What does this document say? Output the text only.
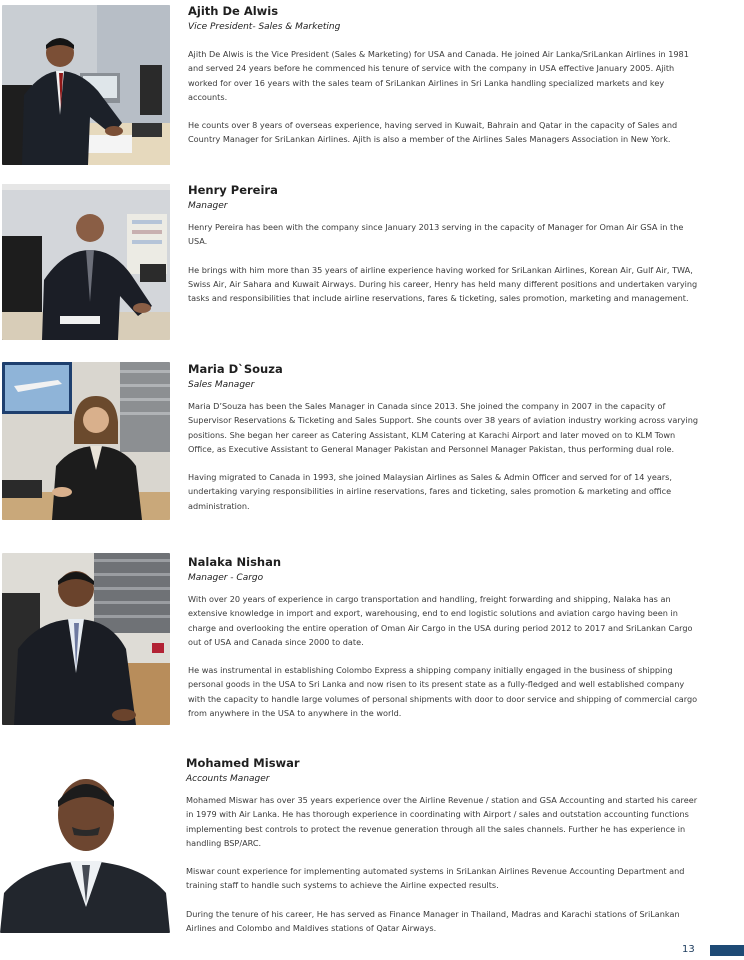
Ajith De Alwis

Vice President- Sales & Marketing

Ajith De Alwis is the Vice President (Sales & Marketing) for USA and Canada. He joined Air Lanka/SriLankan Airlines in 1981 and served 24 years before he commenced his tenure of service with the company in USA effective January 2005. Ajith worked for over 16 years with the sales team of SriLankan Airlines in Sri Lanka handling specialized markets and key accounts.

He counts over 8 years of overseas experience, having served in Kuwait, Bahrain and Qatar in the capacity of Sales and Country Manager for SriLankan Airlines. Ajith is also a member of the Airlines Sales Managers Association in New York.

Henry Pereira

Manager

Henry Pereira has been with the company since January 2013 serving in the capacity of Manager for Oman Air GSA in the USA.

He brings with him more than 35 years of airline experience having worked for SriLankan Airlines, Korean Air, Gulf Air, TWA, Swiss Air, Air Sahara and Kuwait Airways. During his career, Henry has held many different positions and undertaken varying tasks and responsibilities that include airline reservations, fares & ticketing, sales promotion, marketing and management.

Maria D`Souza

Sales Manager

Maria D’Souza has been the Sales Manager in Canada since 2013. She joined the company in 2007 in the capacity of Supervisor Reservations & Ticketing and Sales Support. She counts over 38 years of aviation industry working across varying positions. She began her career as Catering Assistant, KLM Catering at Karachi Airport and later moved on to KLM Town Office, as Executive Assistant to General Manager Pakistan and Personnel Manager Pakistan, thus performing dual role.

Having migrated to Canada in 1993, she joined Malaysian Airlines as Sales & Admin Officer and served for of 14 years, undertaking varying responsibilities in airline reservations, fares and ticketing, sales promotion & marketing and office administration.

Nalaka Nishan

Manager - Cargo

With over 20 years of experience in cargo transportation and handling, freight forwarding and shipping, Nalaka has an extensive knowledge in import and export, warehousing, end to end logistic solutions and aviation cargo having been in charge and overlooking the entire operation of Oman Air Cargo in the USA during period 2012 to 2017 and SriLankan Cargo out of USA and Canada since 2000 to date.

He was instrumental in establishing Colombo Express a shipping company initially engaged in the business of shipping personal goods in the USA to Sri Lanka and now risen to its present state as a fully-fledged and well established company with the capacity to handle large volumes of personal shipments with door to door service and shipping of commercial cargo from anywhere in the USA to anywhere in the world.

Mohamed Miswar

Accounts Manager

Mohamed Miswar has over 35 years experience over the Airline Revenue / station and GSA Accounting and started his career in 1979 with Air Lanka. He has thorough experience in coordinating with Airport / sales and outstation accounting functions implementing best controls to protect the revenue generation through all the sales channels. Further he has experience in handling BSP/ARC.

Miswar count experience for implementing automated systems in SriLankan Airlines Revenue Accounting Department and training staff to handle such systems to achieve the Airline expected results.

During the tenure of his career, He has served as Finance Manager in Thailand, Madras and Karachi stations of SriLankan Airlines and Colombo and Maldives stations of Qatar Airways.

13
